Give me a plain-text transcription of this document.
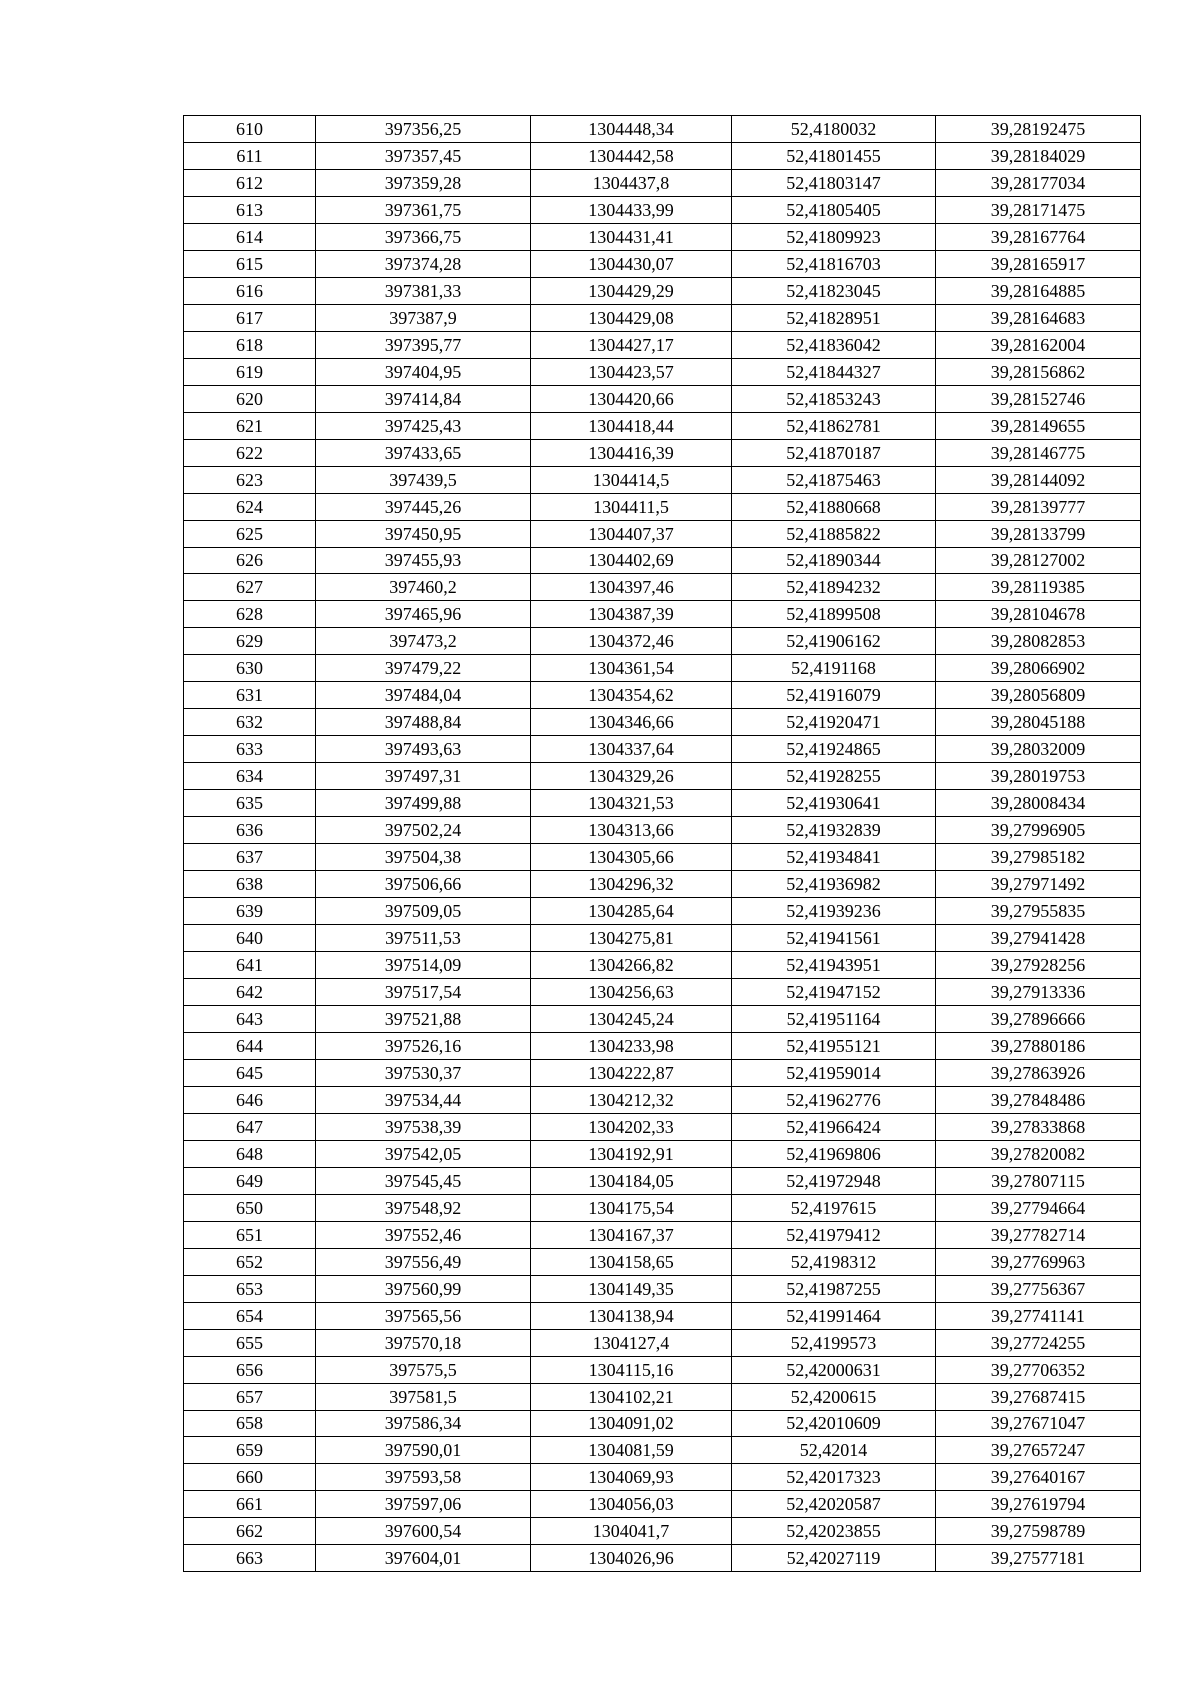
610	397356,25	1304448,34	52,4180032	39,28192475
611	397357,45	1304442,58	52,41801455	39,28184029
612	397359,28	1304437,8	52,41803147	39,28177034
613	397361,75	1304433,99	52,41805405	39,28171475
614	397366,75	1304431,41	52,41809923	39,28167764
615	397374,28	1304430,07	52,41816703	39,28165917
616	397381,33	1304429,29	52,41823045	39,28164885
617	397387,9	1304429,08	52,41828951	39,28164683
618	397395,77	1304427,17	52,41836042	39,28162004
619	397404,95	1304423,57	52,41844327	39,28156862
620	397414,84	1304420,66	52,41853243	39,28152746
621	397425,43	1304418,44	52,41862781	39,28149655
622	397433,65	1304416,39	52,41870187	39,28146775
623	397439,5	1304414,5	52,41875463	39,28144092
624	397445,26	1304411,5	52,41880668	39,28139777
625	397450,95	1304407,37	52,41885822	39,28133799
626	397455,93	1304402,69	52,41890344	39,28127002
627	397460,2	1304397,46	52,41894232	39,28119385
628	397465,96	1304387,39	52,41899508	39,28104678
629	397473,2	1304372,46	52,41906162	39,28082853
630	397479,22	1304361,54	52,4191168	39,28066902
631	397484,04	1304354,62	52,41916079	39,28056809
632	397488,84	1304346,66	52,41920471	39,28045188
633	397493,63	1304337,64	52,41924865	39,28032009
634	397497,31	1304329,26	52,41928255	39,28019753
635	397499,88	1304321,53	52,41930641	39,28008434
636	397502,24	1304313,66	52,41932839	39,27996905
637	397504,38	1304305,66	52,41934841	39,27985182
638	397506,66	1304296,32	52,41936982	39,27971492
639	397509,05	1304285,64	52,41939236	39,27955835
640	397511,53	1304275,81	52,41941561	39,27941428
641	397514,09	1304266,82	52,41943951	39,27928256
642	397517,54	1304256,63	52,41947152	39,27913336
643	397521,88	1304245,24	52,41951164	39,27896666
644	397526,16	1304233,98	52,41955121	39,27880186
645	397530,37	1304222,87	52,41959014	39,27863926
646	397534,44	1304212,32	52,41962776	39,27848486
647	397538,39	1304202,33	52,41966424	39,27833868
648	397542,05	1304192,91	52,41969806	39,27820082
649	397545,45	1304184,05	52,41972948	39,27807115
650	397548,92	1304175,54	52,4197615	39,27794664
651	397552,46	1304167,37	52,41979412	39,27782714
652	397556,49	1304158,65	52,4198312	39,27769963
653	397560,99	1304149,35	52,41987255	39,27756367
654	397565,56	1304138,94	52,41991464	39,27741141
655	397570,18	1304127,4	52,4199573	39,27724255
656	397575,5	1304115,16	52,42000631	39,27706352
657	397581,5	1304102,21	52,4200615	39,27687415
658	397586,34	1304091,02	52,42010609	39,27671047
659	397590,01	1304081,59	52,42014	39,27657247
660	397593,58	1304069,93	52,42017323	39,27640167
661	397597,06	1304056,03	52,42020587	39,27619794
662	397600,54	1304041,7	52,42023855	39,27598789
663	397604,01	1304026,96	52,42027119	39,27577181
